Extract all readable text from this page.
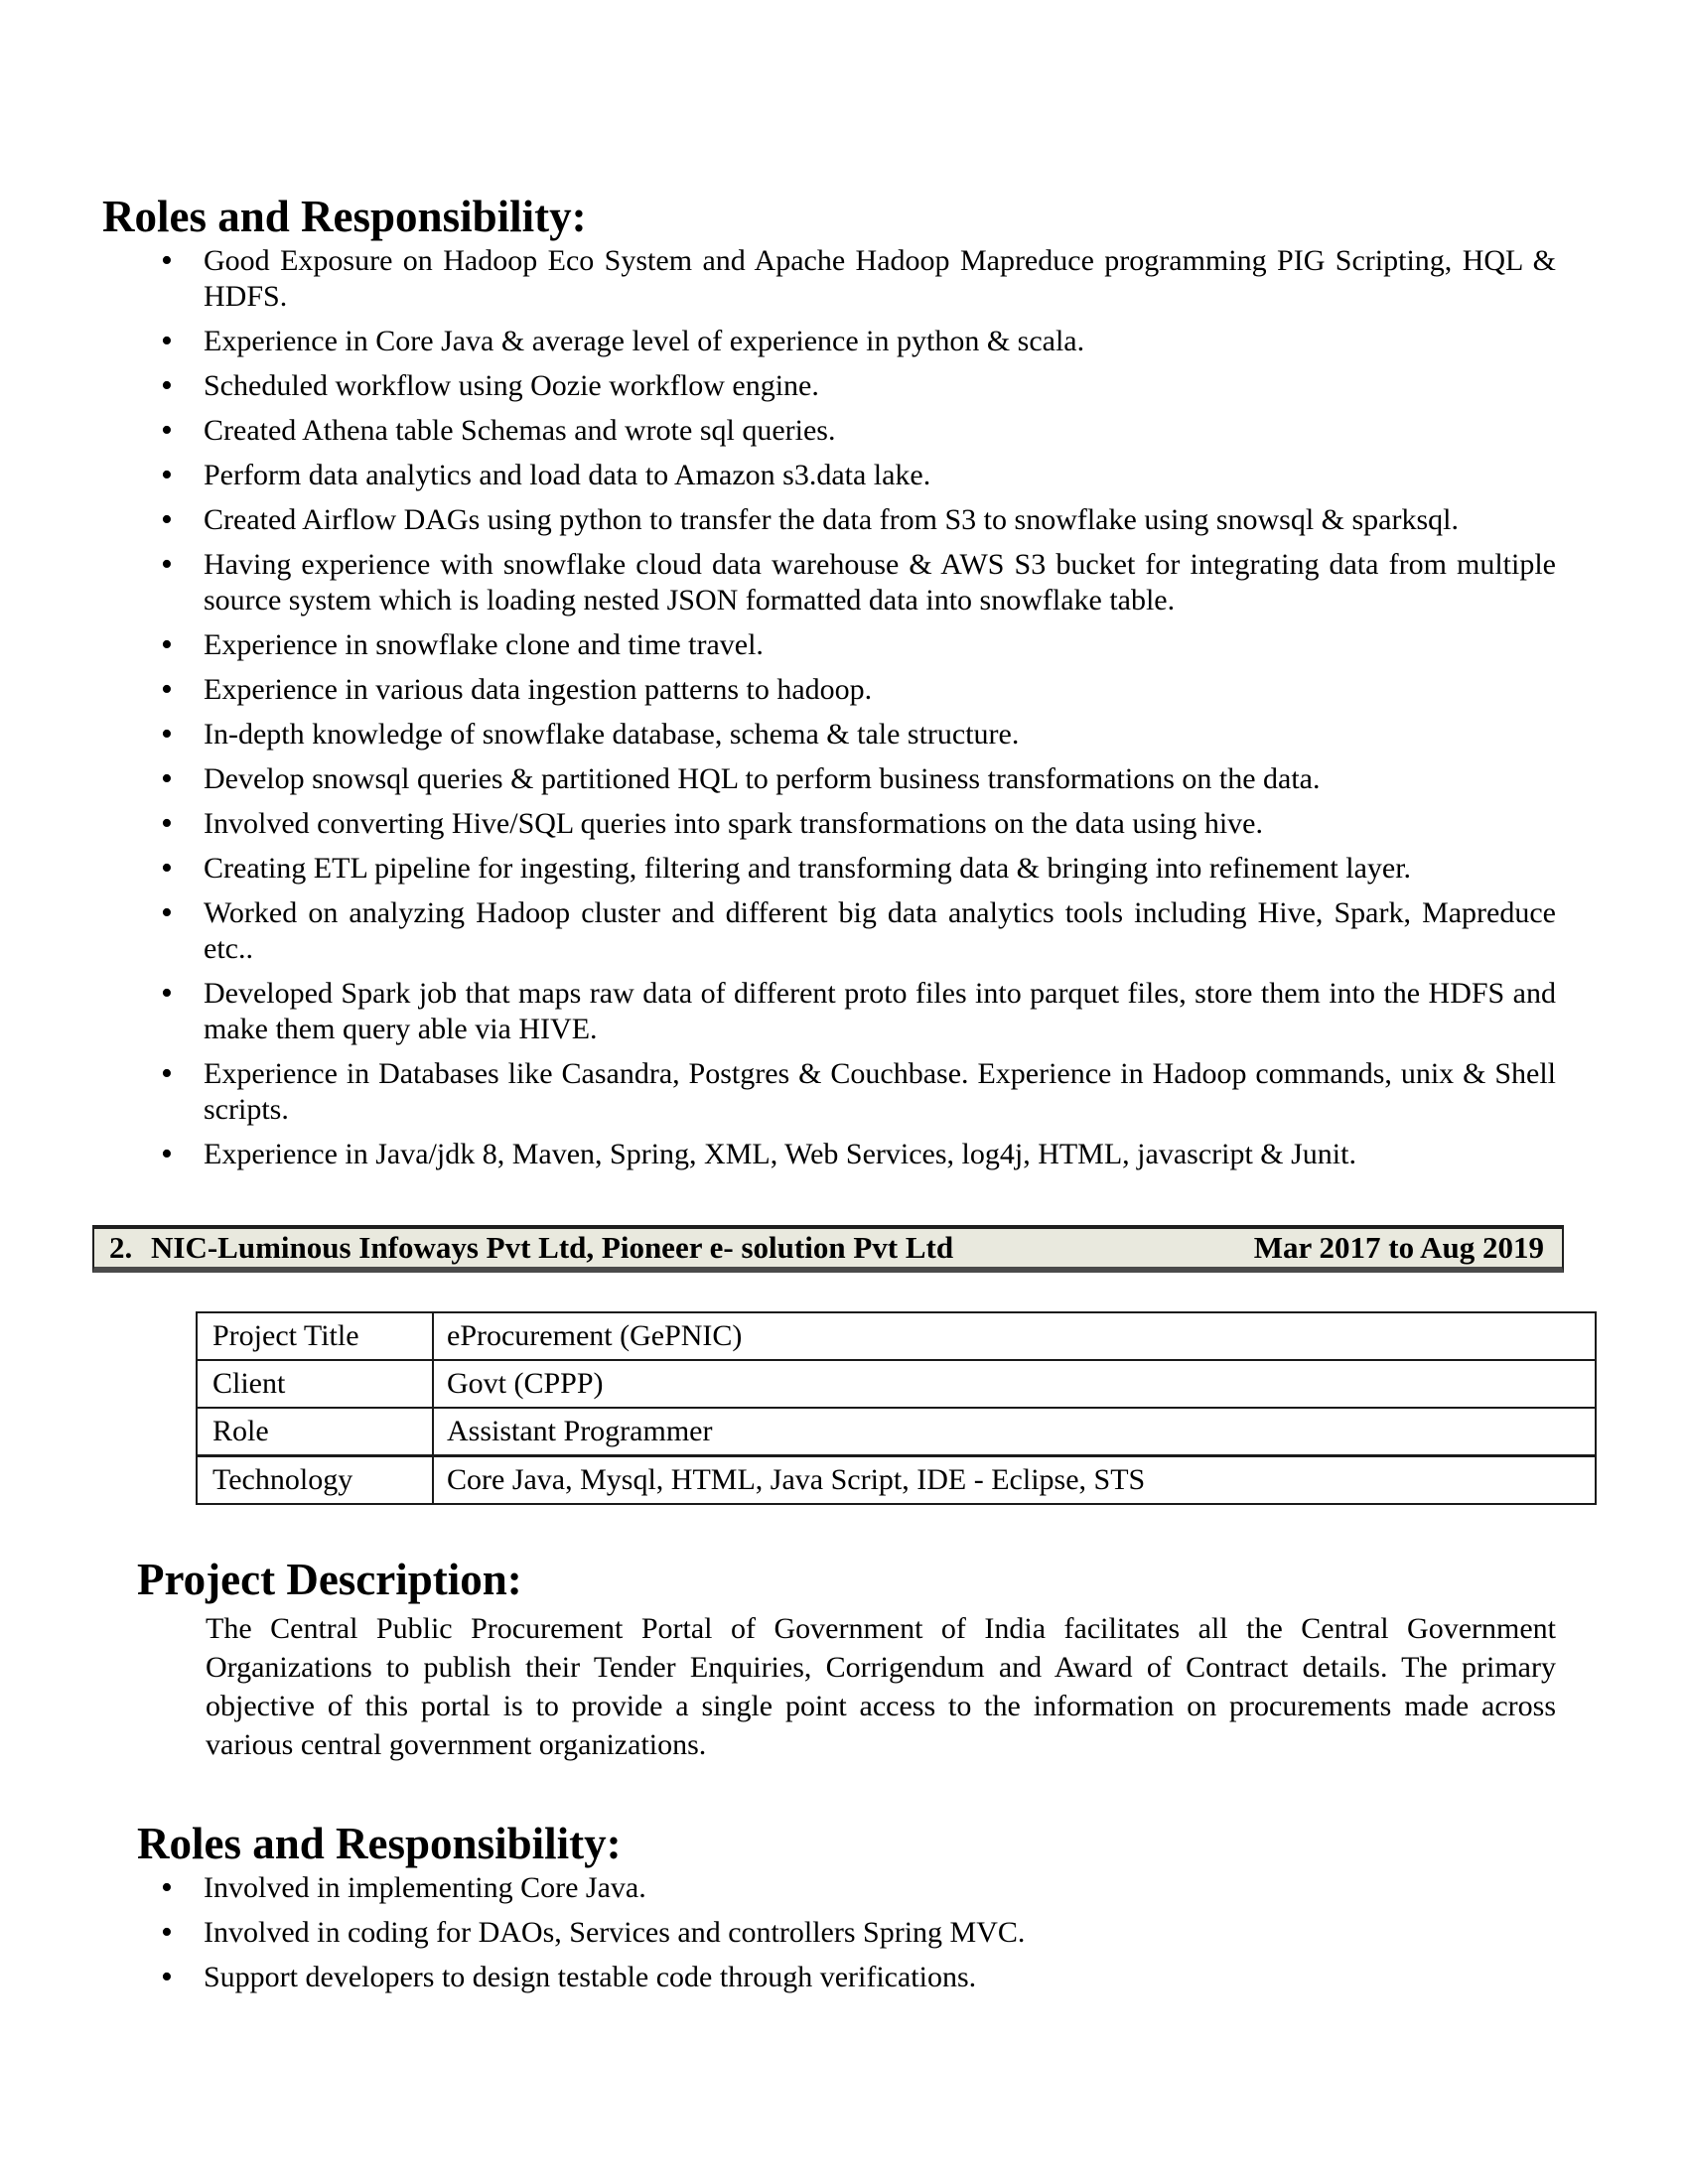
Roles and Responsibility:
• Good Exposure on Hadoop Eco System and Apache Hadoop Mapreduce programming PIG Scripting, HQL & HDFS.
• Experience in Core Java & average level of experience in python & scala.
• Scheduled workflow using Oozie workflow engine.
• Created Athena table Schemas and wrote sql queries.
• Perform data analytics and load data to Amazon s3.data lake.
• Created Airflow DAGs using python to transfer the data from S3 to snowflake using snowsql & sparksql.
• Having experience with snowflake cloud data warehouse & AWS S3 bucket for integrating data from multiple source system which is loading nested JSON formatted data into snowflake table.
• Experience in snowflake clone and time travel.
• Experience in various data ingestion patterns to hadoop.
• In-depth knowledge of snowflake database, schema & tale structure.
• Develop snowsql queries & partitioned HQL to perform business transformations on the data.
• Involved converting Hive/SQL queries into spark transformations on the data using hive.
• Creating ETL pipeline for ingesting, filtering and transforming data & bringing into refinement layer.
• Worked on analyzing Hadoop cluster and different big data analytics tools including Hive, Spark, Mapreduce etc..
• Developed Spark job that maps raw data of different proto files into parquet files, store them into the HDFS and make them query able via HIVE.
• Experience in Databases like Casandra, Postgres & Couchbase. Experience in Hadoop commands, unix & Shell scripts.
• Experience in Java/jdk 8, Maven, Spring, XML, Web Services, log4j, HTML, javascript & Junit.
2. NIC-Luminous Infoways Pvt Ltd, Pioneer e- solution Pvt Ltd	Mar 2017 to Aug 2019
Project Title	eProcurement (GePNIC)
Client	Govt (CPPP)
Role	Assistant Programmer
Technology	Core Java, Mysql, HTML, Java Script, IDE - Eclipse, STS
Project Description:

The Central Public Procurement Portal of Government of India facilitates all the Central Government Organizations to publish their Tender Enquiries, Corrigendum and Award of Contract details. The primary objective of this portal is to provide a single point access to the information on procurements made across various central government organizations.

Roles and Responsibility:
• Involved in implementing Core Java.
• Involved in coding for DAOs, Services and controllers Spring MVC.
• Support developers to design testable code through verifications.
